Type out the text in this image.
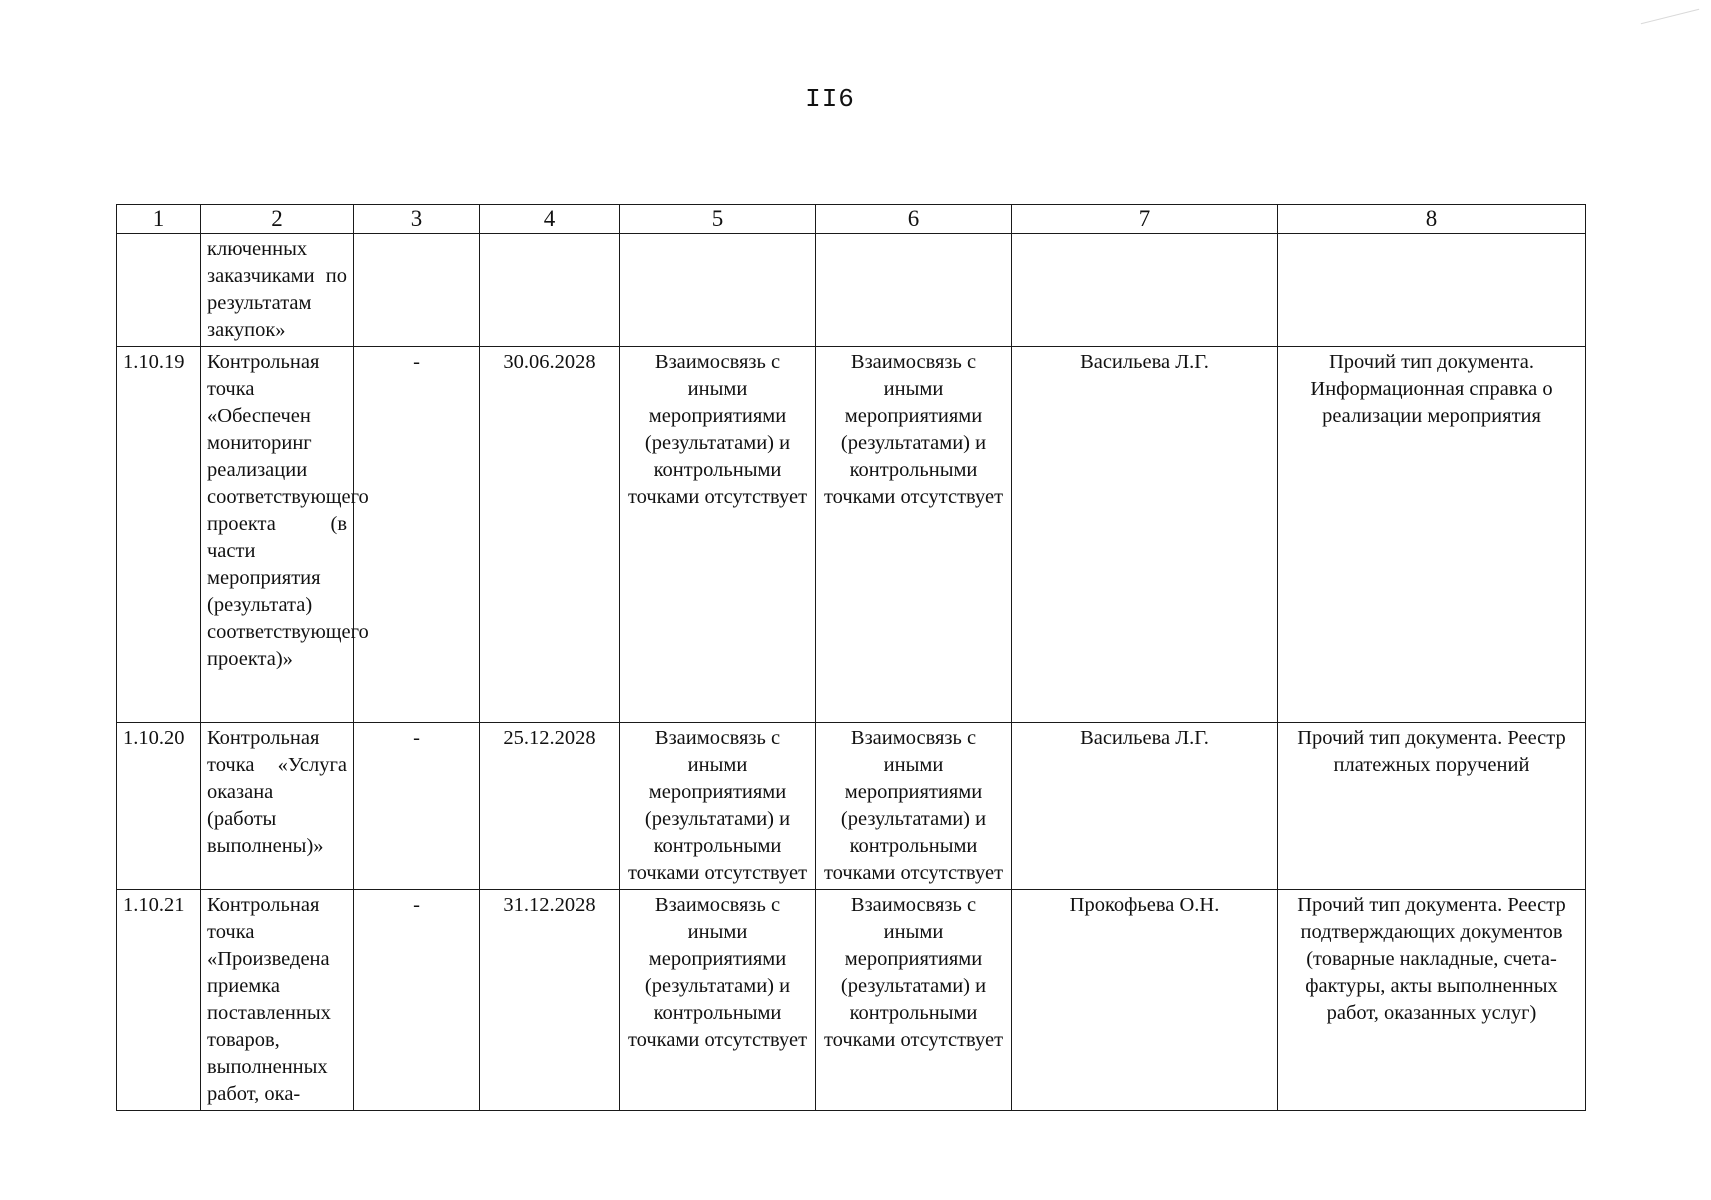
II6
1	2	3	4	5	6	7	8
	ключенных заказчиками по результатам закупок»						
1.10.19	Контрольная точка «Обеспечен мониторинг реализации соответствующего проекта (в части мероприятия (результата) соответствующего проекта)»	-	30.06.2028	Взаимосвязь с иными мероприятиями (результатами) и контрольными точками отсутствует	Взаимосвязь с иными мероприятиями (результатами) и контрольными точками отсутствует	Васильева Л.Г.	Прочий тип документа. Информационная справка о реализации мероприятия
1.10.20	Контрольная точка «Услуга оказана (работы выполнены)»	-	25.12.2028	Взаимосвязь с иными мероприятиями (результатами) и контрольными точками отсутствует	Взаимосвязь с иными мероприятиями (результатами) и контрольными точками отсутствует	Васильева Л.Г.	Прочий тип документа. Реестр платежных поручений
1.10.21	Контрольная точка «Произведена приемка поставленных товаров, выполненных работ, ока-	-	31.12.2028	Взаимосвязь с иными мероприятиями (результатами) и контрольными точками отсутствует	Взаимосвязь с иными мероприятиями (результатами) и контрольными точками отсутствует	Прокофьева О.Н.	Прочий тип документа. Реестр подтверждающих документов (товарные накладные, счета-фактуры, акты выполненных работ, оказанных услуг)
